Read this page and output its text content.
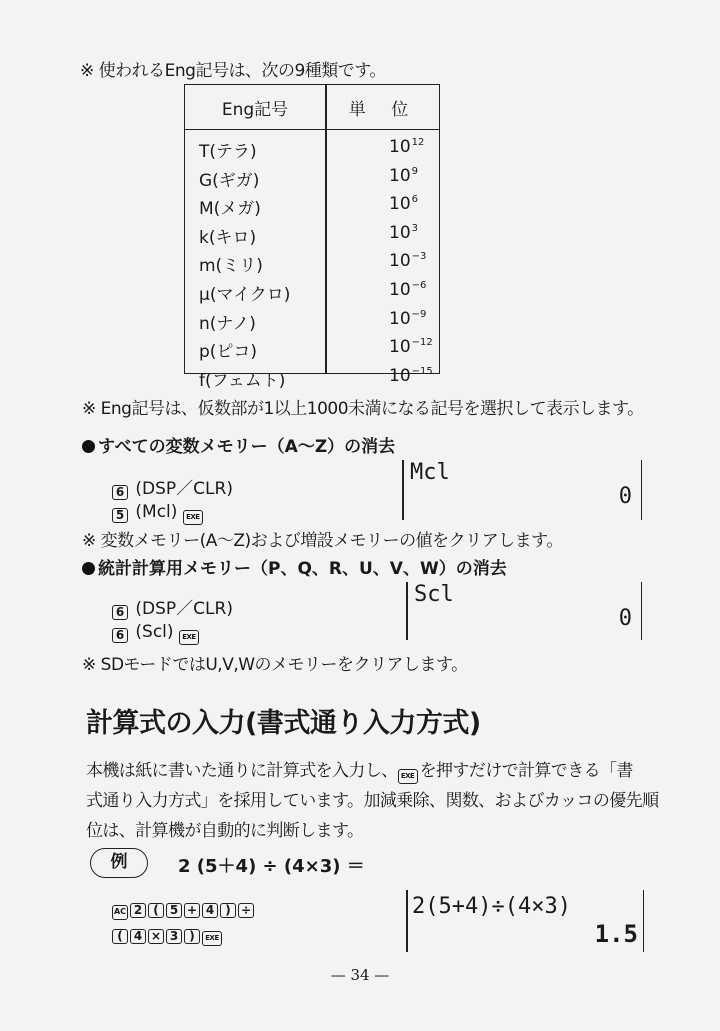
※ 使われるEng記号は、次の9種類です。
Eng記号	単 位
T(テラ)	$10^{12}$
G(ギガ)	$10^9$
M(メガ)	$10^6$
k(キロ)	$10^3$
m(ミリ)	$10^{-3}$
μ(マイクロ)	$10^{-6}$
n(ナノ)	$10^{-9}$
p(ピコ)	$10^{-12}$
f(フェムト)	$10^{-15}$
※ Eng記号は、仮数部が1以上1000未満になる記号を選択して表示します。
すべての変数メモリー（A～Z）の消去
6 (DSP／CLR)
5 (Mcl) EXE
Mcl
0
※ 変数メモリー(A～Z)および増設メモリーの値をクリアします。
統計計算用メモリー（P、Q、R、U、V、W）の消去
6 (DSP／CLR)
6 (Scl) EXE
Scl
0
※ SDモードではU,V,Wのメモリーをクリアします。
計算式の入力(書式通り入力方式)
本機は紙に書いた通りに計算式を入力し、 EXE を押すだけで計算できる「書
式通り入力方式」を採用しています。加減乗除、関数、およびカッコの優先順
位は、計算機が自動的に判断します。
例	2 (5＋4) ÷ (4×3) ＝
AC 2 ( 5 + 4 ) ÷
( 4 × 3 ) EXE
2(5+4)÷(4×3)
1.5
— 34 —
